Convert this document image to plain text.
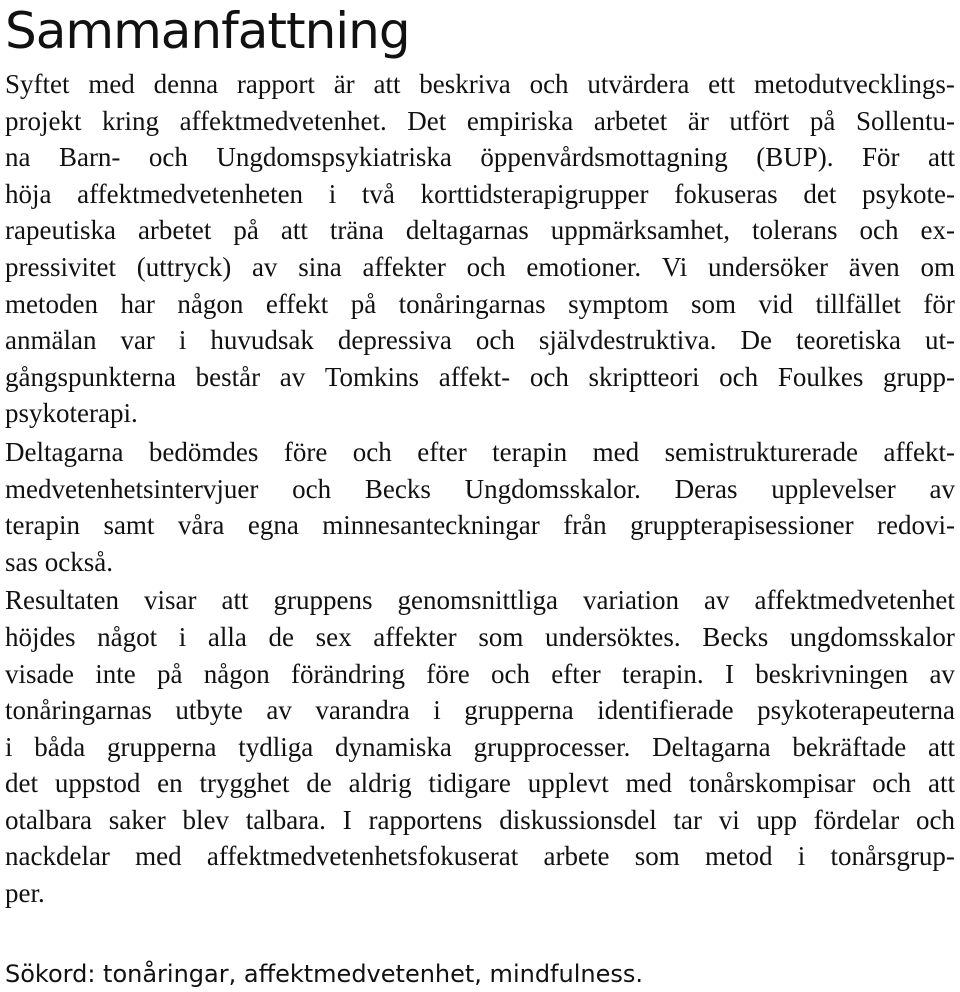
Sammanfattning
Syftet med denna rapport är att beskriva och utvärdera ett metodutvecklings-
projekt kring affektmedvetenhet. Det empiriska arbetet är utfört på Sollentu-
na Barn- och Ungdomspsykiatriska öppenvårdsmottagning (BUP). För att
höja affektmedvetenheten i två korttidsterapigrupper fokuseras det psykote-
rapeutiska arbetet på att träna deltagarnas uppmärksamhet, tolerans och ex-
pressivitet (uttryck) av sina affekter och emotioner. Vi undersöker även om
metoden har någon effekt på tonåringarnas symptom som vid tillfället för
anmälan var i huvudsak depressiva och självdestruktiva. De teoretiska ut-
gångspunkterna består av Tomkins affekt- och skriptteori och Foulkes grupp-
psykoterapi.
Deltagarna bedömdes före och efter terapin med semistrukturerade affekt-
medvetenhetsintervjuer och Becks Ungdomsskalor. Deras upplevelser av
terapin samt våra egna minnesanteckningar från gruppterapisessioner redovi-
sas också.
Resultaten visar att gruppens genomsnittliga variation av affektmedvetenhet
höjdes något i alla de sex affekter som undersöktes. Becks ungdomsskalor
visade inte på någon förändring före och efter terapin. I beskrivningen av
tonåringarnas utbyte av varandra i grupperna identifierade psykoterapeuterna
i båda grupperna tydliga dynamiska grupprocesser. Deltagarna bekräftade att
det uppstod en trygghet de aldrig tidigare upplevt med tonårskompisar och att
otalbara saker blev talbara. I rapportens diskussionsdel tar vi upp fördelar och
nackdelar med affektmedvetenhetsfokuserat arbete som metod i tonårsgrup-
per.
Sökord: tonåringar, affektmedvetenhet, mindfulness.
